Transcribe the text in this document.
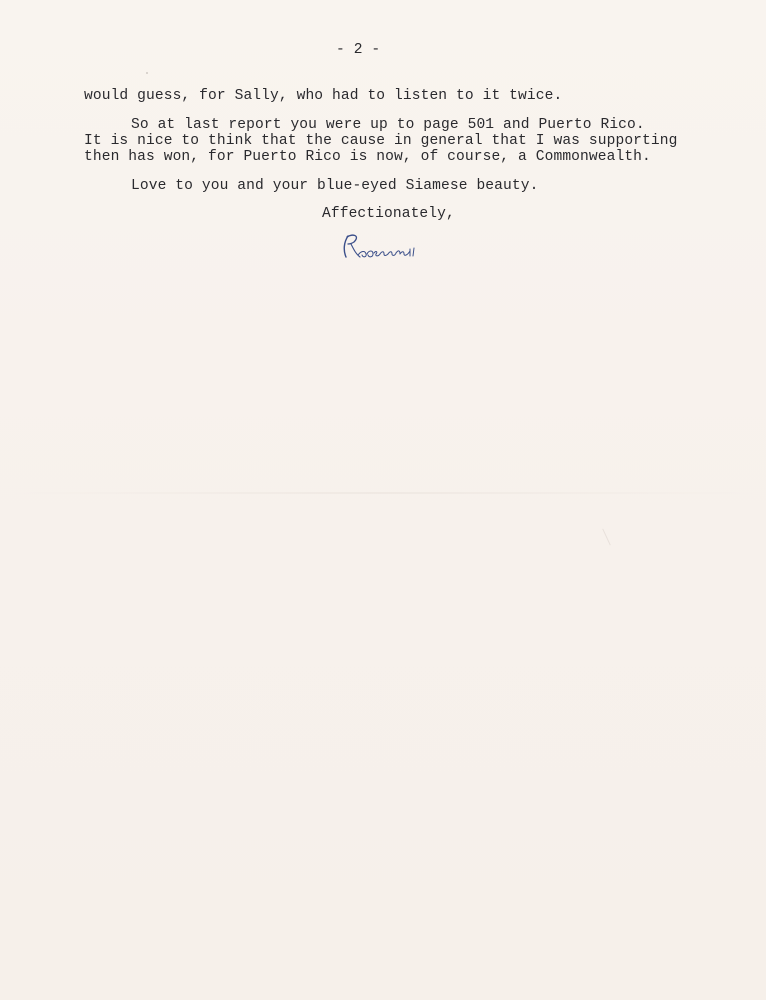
- 2 -
would guess, for Sally, who had to listen to it twice.
So at last report you were up to page 501 and Puerto Rico.
It is nice to think that the cause in general that I was supporting
then has won, for Puerto Rico is now, of course, a Commonwealth.
Love to you and your blue-eyed Siamese beauty.
Affectionately,
